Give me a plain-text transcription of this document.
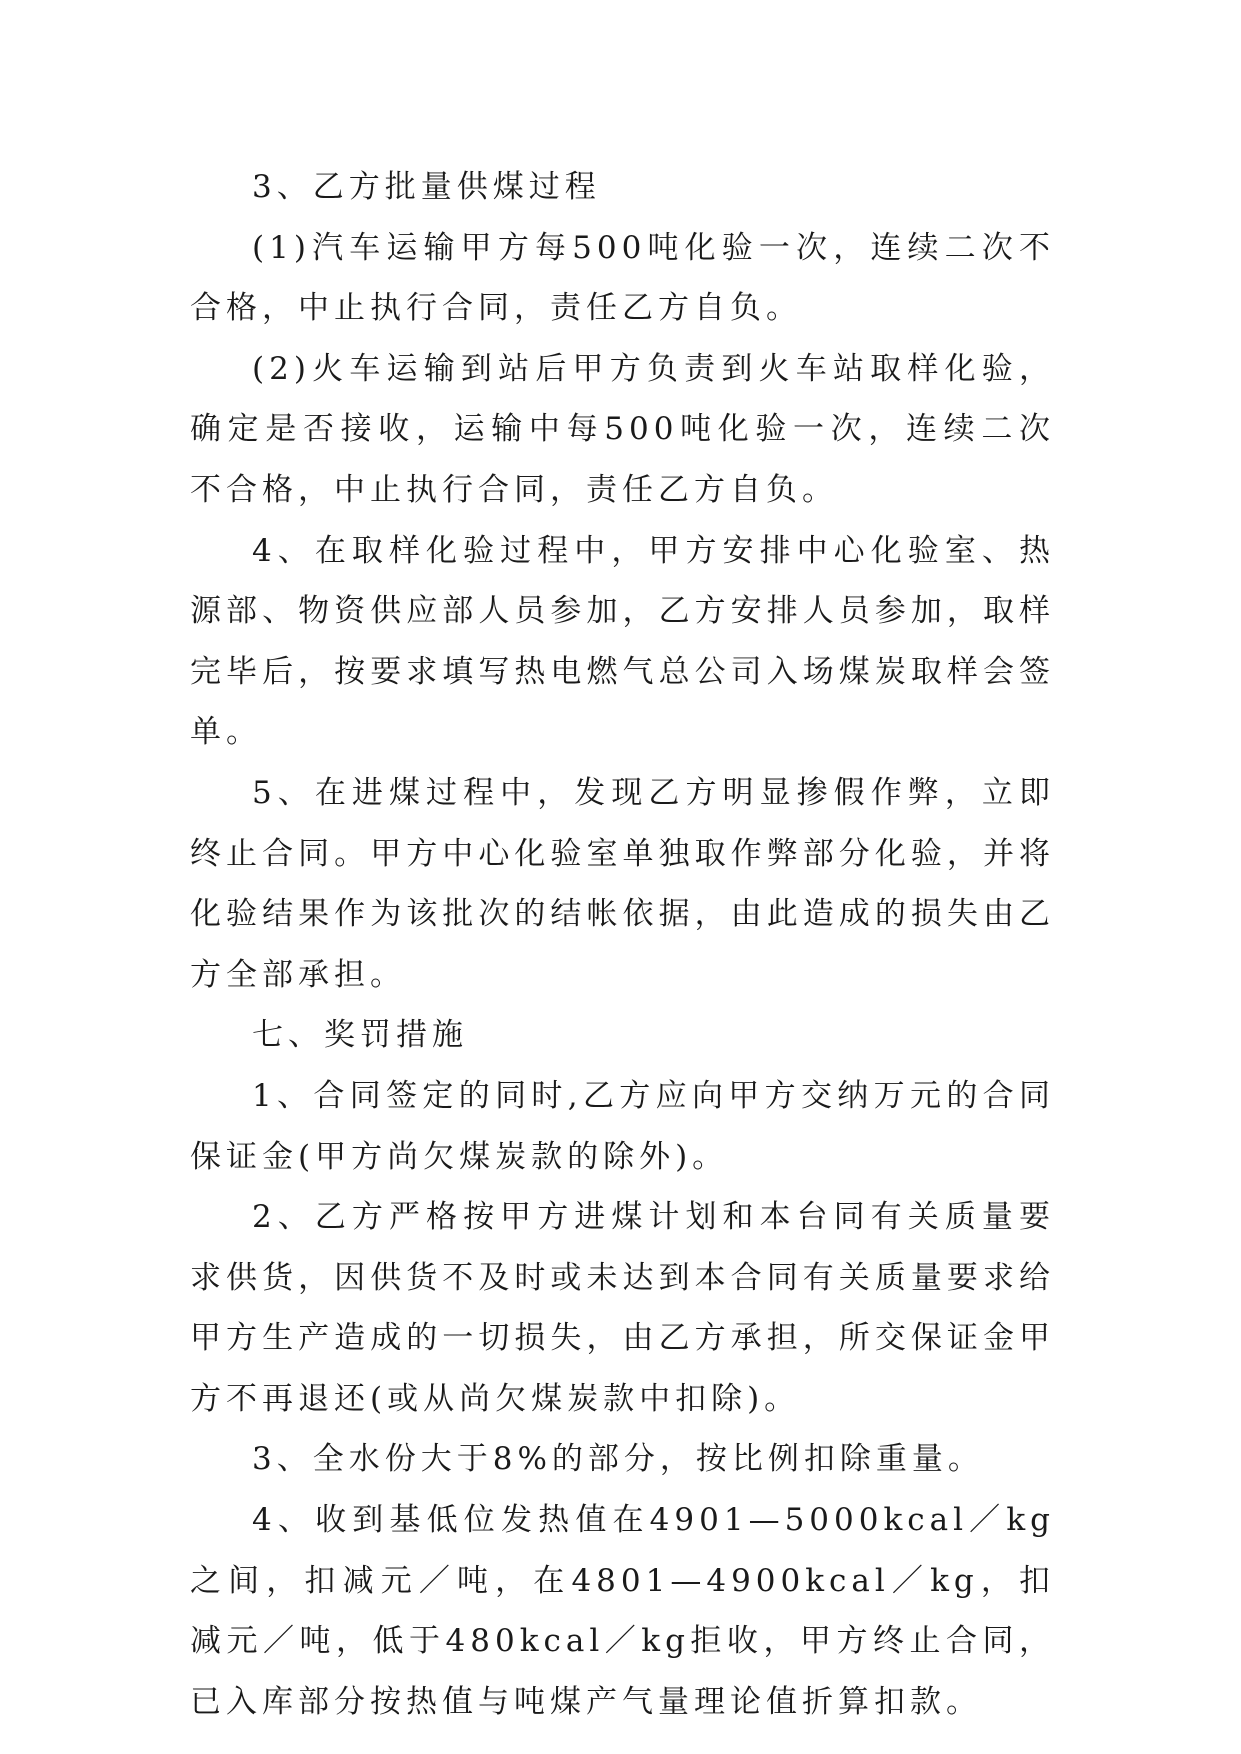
3、乙方批量供煤过程

(1)汽车运输甲方每500吨化验一次，连续二次不合格，中止执行合同，责任乙方自负。

(2)火车运输到站后甲方负责到火车站取样化验，确定是否接收，运输中每500吨化验一次，连续二次不合格，中止执行合同，责任乙方自负。

4、在取样化验过程中，甲方安排中心化验室、热源部、物资供应部人员参加，乙方安排人员参加，取样完毕后，按要求填写热电燃气总公司入场煤炭取样会签单。

5、在进煤过程中，发现乙方明显掺假作弊，立即终止合同。甲方中心化验室单独取作弊部分化验，并将化验结果作为该批次的结帐依据，由此造成的损失由乙方全部承担。

七、奖罚措施

1、合同签定的同时,乙方应向甲方交纳万元的合同保证金(甲方尚欠煤炭款的除外)。

2、乙方严格按甲方进煤计划和本台同有关质量要求供货，因供货不及时或未达到本合同有关质量要求给甲方生产造成的一切损失，由乙方承担，所交保证金甲方不再退还(或从尚欠煤炭款中扣除)。

3、全水份大于8%的部分，按比例扣除重量。

4、收到基低位发热值在4901—5000kcal／kg之间，扣减元／吨，在4801—4900kcal／kg，扣减元／吨，低于480kcal／kg拒收，甲方终止合同，已入库部分按热值与吨煤产气量理论值折算扣款。
